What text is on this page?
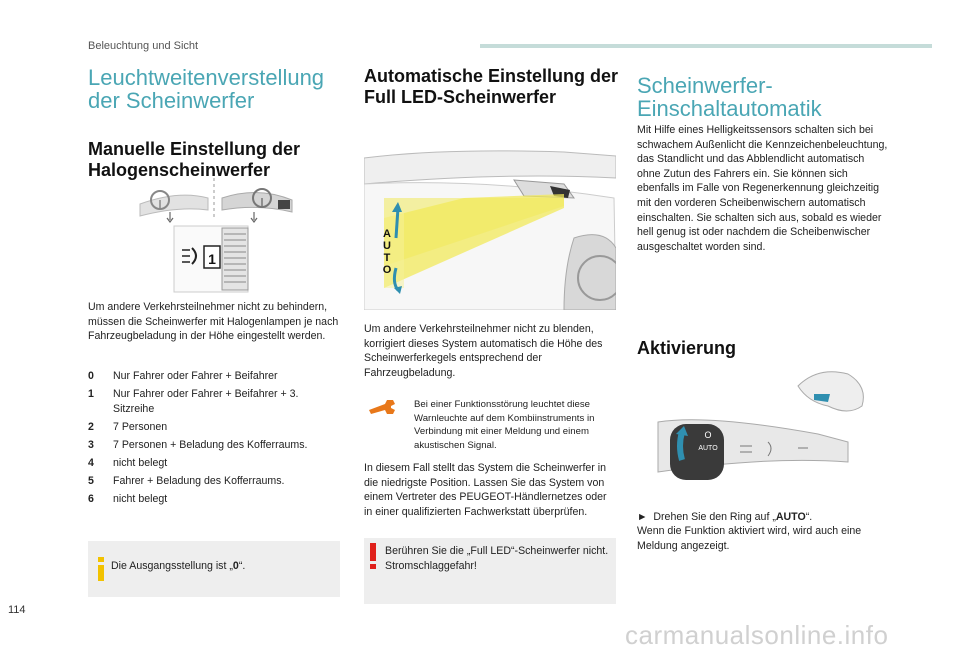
Beleuchtung und Sicht
Leuchtweitenverstellung der Scheinwerfer
Manuelle Einstellung der Halogenscheinwerfer
1
Um andere Verkehrsteilnehmer nicht zu behindern, müssen die Scheinwerfer mit Halogenlampen je nach Fahrzeugbeladung in der Höhe eingestellt werden.
0	Nur Fahrer oder Fahrer + Beifahrer
1	Nur Fahrer oder Fahrer + Beifahrer + 3. Sitzreihe
2	7 Personen
3	7 Personen + Beladung des Kofferraums.
4	nicht belegt
5	Fahrer + Beladung des Kofferraums.
6	nicht belegt
Die Ausgangsstellung ist „0“.
Automatische Einstellung der Full LED-Scheinwerfer
A
U
T
O
Um andere Verkehrsteilnehmer nicht zu blenden, korrigiert dieses System automatisch die Höhe des Scheinwerferkegels entsprechend der Fahrzeugbeladung.
Bei einer Funktionsstörung leuchtet diese Warnleuchte auf dem Kombiinstruments in Verbindung mit einer Meldung und einem akustischen Signal.
In diesem Fall stellt das System die Scheinwerfer in die niedrigste Position. Lassen Sie das System von einem Vertreter des PEUGEOT-Händlernetzes oder in einer qualifizierten Fachwerkstatt überprüfen.
Berühren Sie die „Full LED“-Scheinwerfer nicht. Stromschlaggefahr!
Scheinwerfer-Einschaltautomatik
Mit Hilfe eines Helligkeitssensors schalten sich bei schwachem Außenlicht die Kennzeichenbeleuchtung, das Standlicht und das Abblendlicht automatisch ohne Zutun des Fahrers ein. Sie können sich ebenfalls im Falle von Regenerkennung gleichzeitig mit den vorderen Scheibenwischern automatisch einschalten. Sie schalten sich aus, sobald es wieder hell genug ist oder nachdem die Scheibenwischer ausgeschaltet worden sind.
Aktivierung
O
AUTO
►  Drehen Sie den Ring auf „AUTO“.
Wenn die Funktion aktiviert wird, wird auch eine Meldung angezeigt.
114
carmanualsonline.info
